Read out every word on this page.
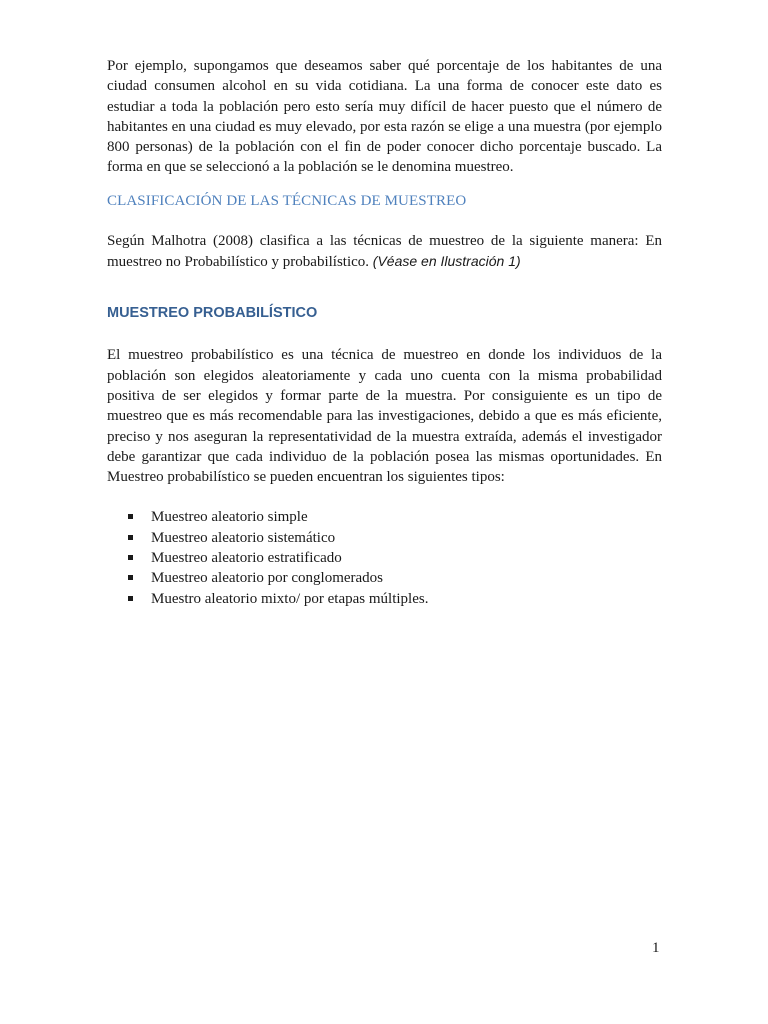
Por ejemplo, supongamos que deseamos saber qué porcentaje de los habitantes de una ciudad consumen alcohol en su vida cotidiana. La una forma de conocer este dato es estudiar a toda la población pero esto sería muy difícil de hacer puesto que el número de habitantes en una ciudad es muy elevado, por esta razón se elige a una muestra (por ejemplo 800 personas) de la población con el fin de poder conocer dicho porcentaje buscado. La forma en que se seleccionó a la población se le denomina muestreo.

CLASIFICACIÓN DE LAS TÉCNICAS DE MUESTREO

Según Malhotra (2008) clasifica a las técnicas de muestreo de la siguiente manera: En muestreo no Probabilístico y probabilístico. (Véase en Ilustración 1)

MUESTREO PROBABILÍSTICO

El muestreo probabilístico es una técnica de muestreo en donde los individuos de la población son elegidos aleatoriamente y cada uno cuenta con la misma probabilidad positiva de ser elegidos y formar parte de la muestra. Por consiguiente es un tipo de muestreo que es más recomendable para las investigaciones, debido a que es más eficiente, preciso y nos aseguran la representatividad de la muestra extraída, además el investigador debe garantizar que cada individuo de la población posea las mismas oportunidades. En Muestreo probabilístico se pueden encuentran los siguientes tipos:

Muestreo aleatorio simple
Muestreo aleatorio sistemático
Muestreo aleatorio estratificado
Muestreo aleatorio por conglomerados
Muestro aleatorio mixto/ por etapas múltiples.
1
